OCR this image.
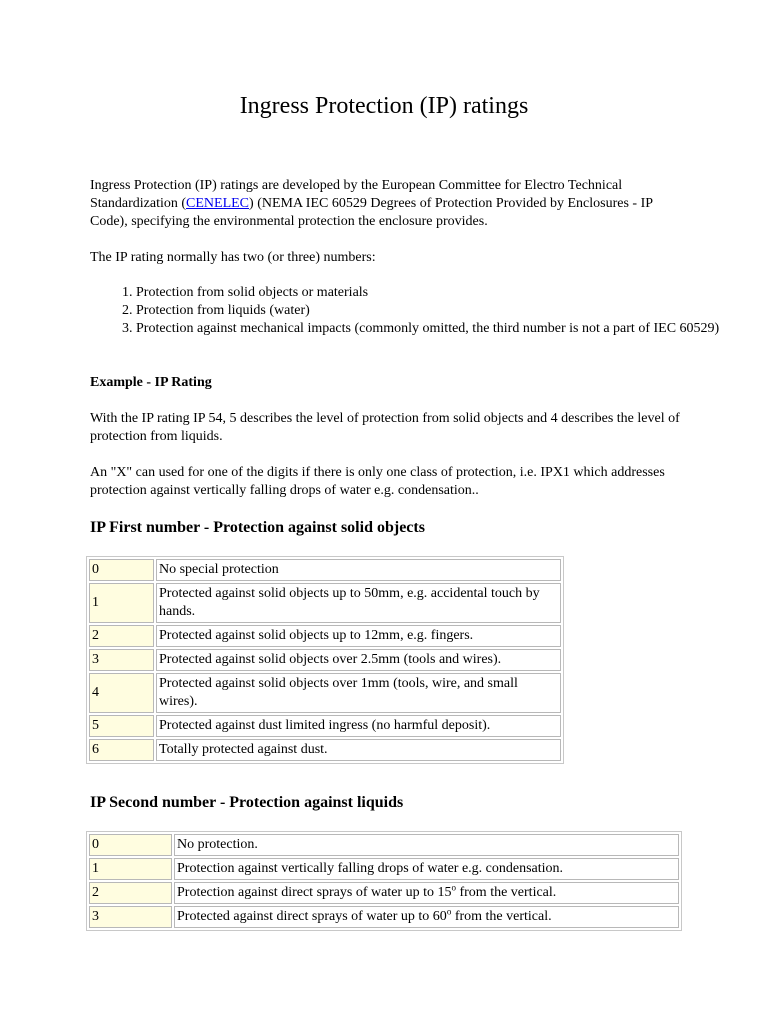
Ingress Protection (IP) ratings

Ingress Protection (IP) ratings are developed by the European Committee for Electro Technical Standardization (CENELEC) (NEMA IEC 60529 Degrees of Protection Provided by Enclosures - IP Code), specifying the environmental protection the enclosure provides.

The IP rating normally has two (or three) numbers:

1. Protection from solid objects or materials
2. Protection from liquids (water)
3. Protection against mechanical impacts (commonly omitted, the third number is not a part of IEC 60529)
Example - IP Rating

With the IP rating IP 54, 5 describes the level of protection from solid objects and 4 describes the level of protection from liquids.

An "X" can used for one of the digits if there is only one class of protection, i.e. IPX1 which addresses protection against vertically falling drops of water e.g. condensation..

IP First number - Protection against solid objects
0	No special protection
1	Protected against solid objects up to 50mm, e.g. accidental touch by hands.
2	Protected against solid objects up to 12mm, e.g. fingers.
3	Protected against solid objects over 2.5mm (tools and wires).
4	Protected against solid objects over 1mm (tools, wire, and small wires).
5	Protected against dust limited ingress (no harmful deposit).
6	Totally protected against dust.
IP Second number - Protection against liquids
0	No protection.
1	Protection against vertically falling drops of water e.g. condensation.
2	Protection against direct sprays of water up to 15$^o$ from the vertical.
3	Protected against direct sprays of water up to 60$^o$ from the vertical.
